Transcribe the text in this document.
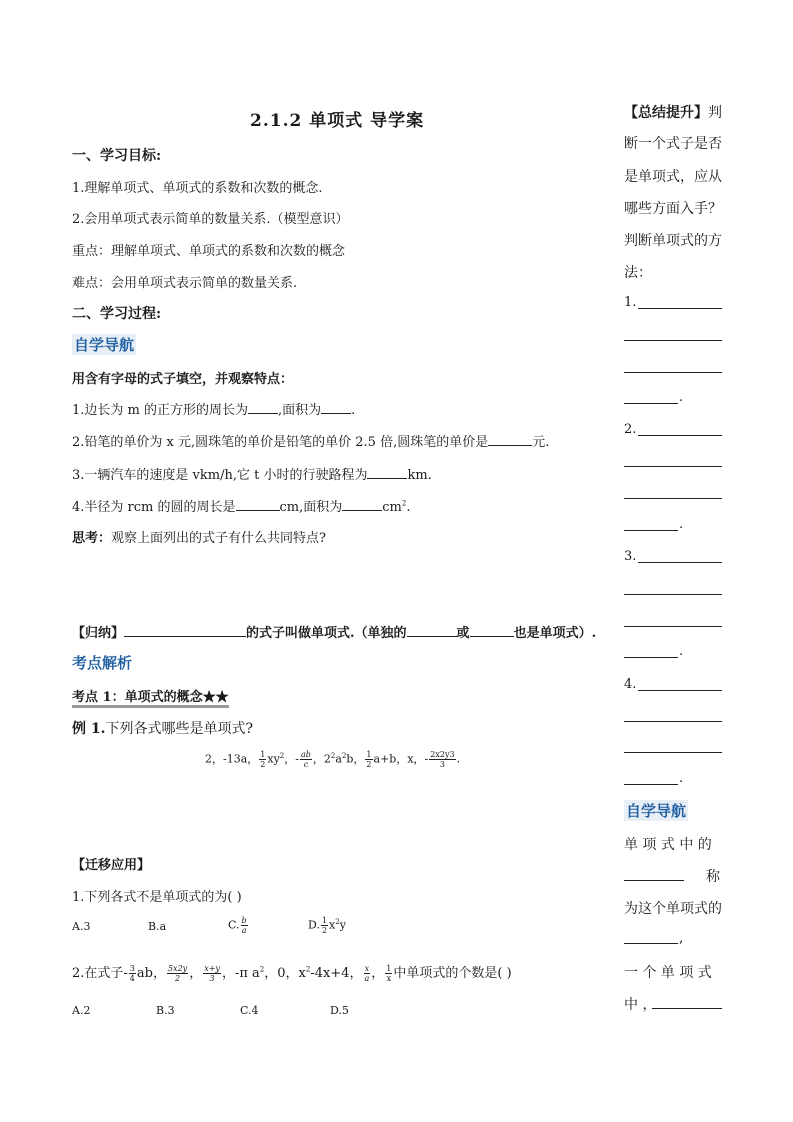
2.1.2 单项式 导学案
一、学习目标:
1.理解单项式、单项式的系数和次数的概念.
2.会用单项式表示简单的数量关系.（模型意识）
重点：理解单项式、单项式的系数和次数的概念
难点：会用单项式表示简单的数量关系.
二、学习过程:
自学导航
用含有字母的式子填空，并观察特点：
1.边长为 m 的正方形的周长为 ,面积为 .
2.铅笔的单价为 x 元,圆珠笔的单价是铅笔的单价 2.5 倍,圆珠笔的单价是	元.
3.一辆汽车的速度是 vkm/h,它 t 小时的行驶路程为	km.
4.半径为 rcm 的圆的周长是	cm,面积为	$cm^2$.
思考：观察上面列出的式子有什么共同特点?
【归纳】	的式子叫做单项式.（单独的	或	也是单项式）.
考点解析
考点 1：单项式的概念★★
例 1.下列各式哪些是单项式?
2，-13a， $\frac{1}{2} xy^2$，- $\frac{ab}{c}$ ，$2^2a^2b$， $\frac{1}{2} a+b$，x，- $\frac{2x2y3}{3}$ .
【迁移应用】
1.下列各式不是单项式的为( )
A.3	B.a	C. $\frac{b}{a}$	D. $\frac{1}{2} x^2y$
2.在式子- $\frac{3}{4}$ ab， $\frac{5x2y}{2}$ ， $\frac{x+y}{3}$ ，-π $a^2$，0，$x^2-4x+4$， $\frac{x}{a}$ ， $\frac{1}{x}$ 中单项式的个数是( )
A.2	B.3	C.4	D.5
【总结提升】判
断一个式子是否
是单项式，应从
哪些方面入手？
判断单项式的方
法：
1.
.
2.
.
3.
.
4.
.
自学导航
单 项 式 中 的
称
为这个单项式的
,
一 个 单 项 式
中 ，
